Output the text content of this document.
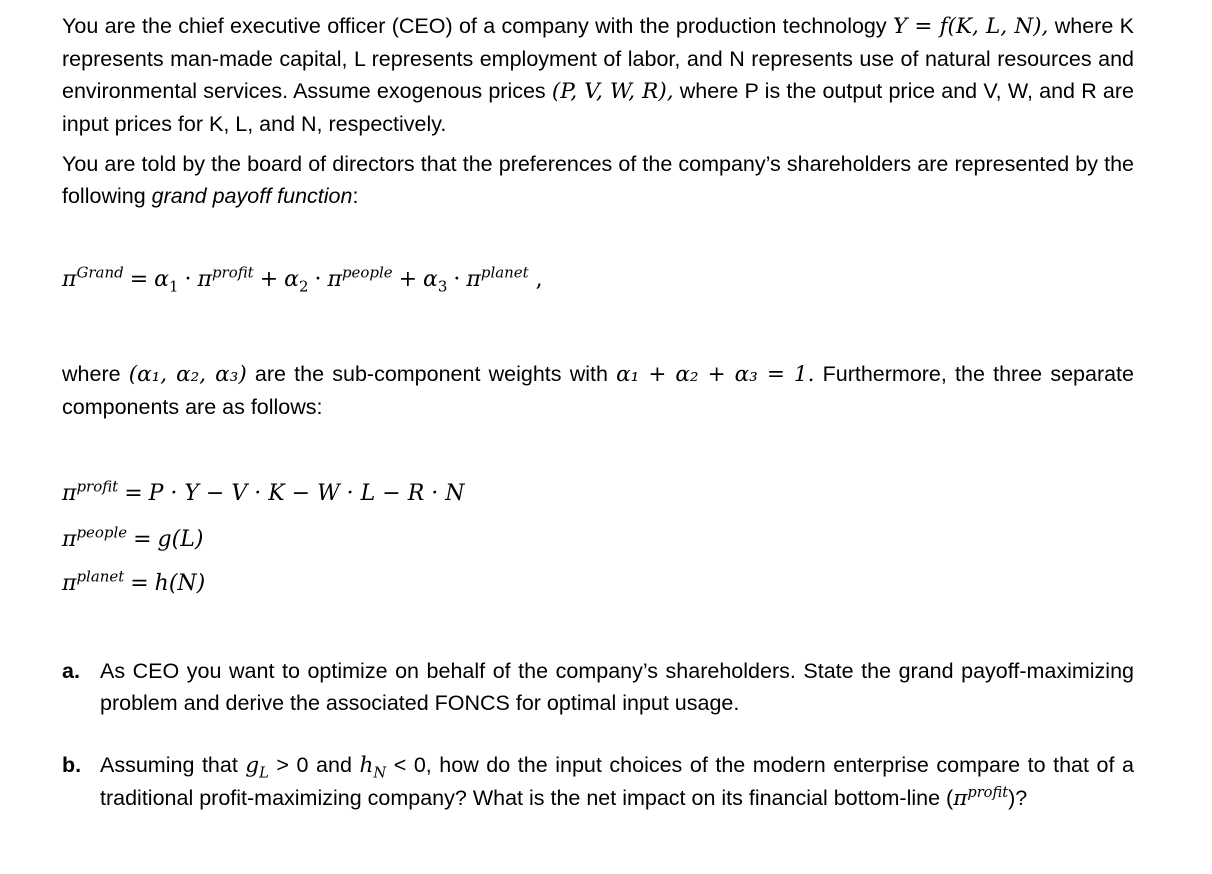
You are the chief executive officer (CEO) of a company with the production technology Y = f(K, L, N), where K represents man-made capital, L represents employment of labor, and N represents use of natural resources and environmental services. Assume exogenous prices (P, V, W, R), where P is the output price and V, W, and R are input prices for K, L, and N, respectively.

You are told by the board of directors that the preferences of the company’s shareholders are represented by the following grand payoff function:

$\pi^{Grand} = \alpha_1 \cdot \pi^{profit} + \alpha_2 \cdot \pi^{people} + \alpha_3 \cdot \pi^{planet}$ ,

where (α₁, α₂, α₃) are the sub-component weights with α₁ + α₂ + α₃ = 1. Furthermore, the three separate components are as follows:

$\pi^{profit} = P \cdot Y - V \cdot K - W \cdot L - R \cdot N$
$\pi^{people} = g(L)$
$\pi^{planet} = h(N)$
a. As CEO you want to optimize on behalf of the company’s shareholders. State the grand payoff-maximizing problem and derive the associated FONCS for optimal input usage.
b. Assuming that $g_L > 0$ and $h_N < 0$, how do the input choices of the modern enterprise compare to that of a traditional profit-maximizing company? What is the net impact on its financial bottom-line $(\pi^{profit})$?
